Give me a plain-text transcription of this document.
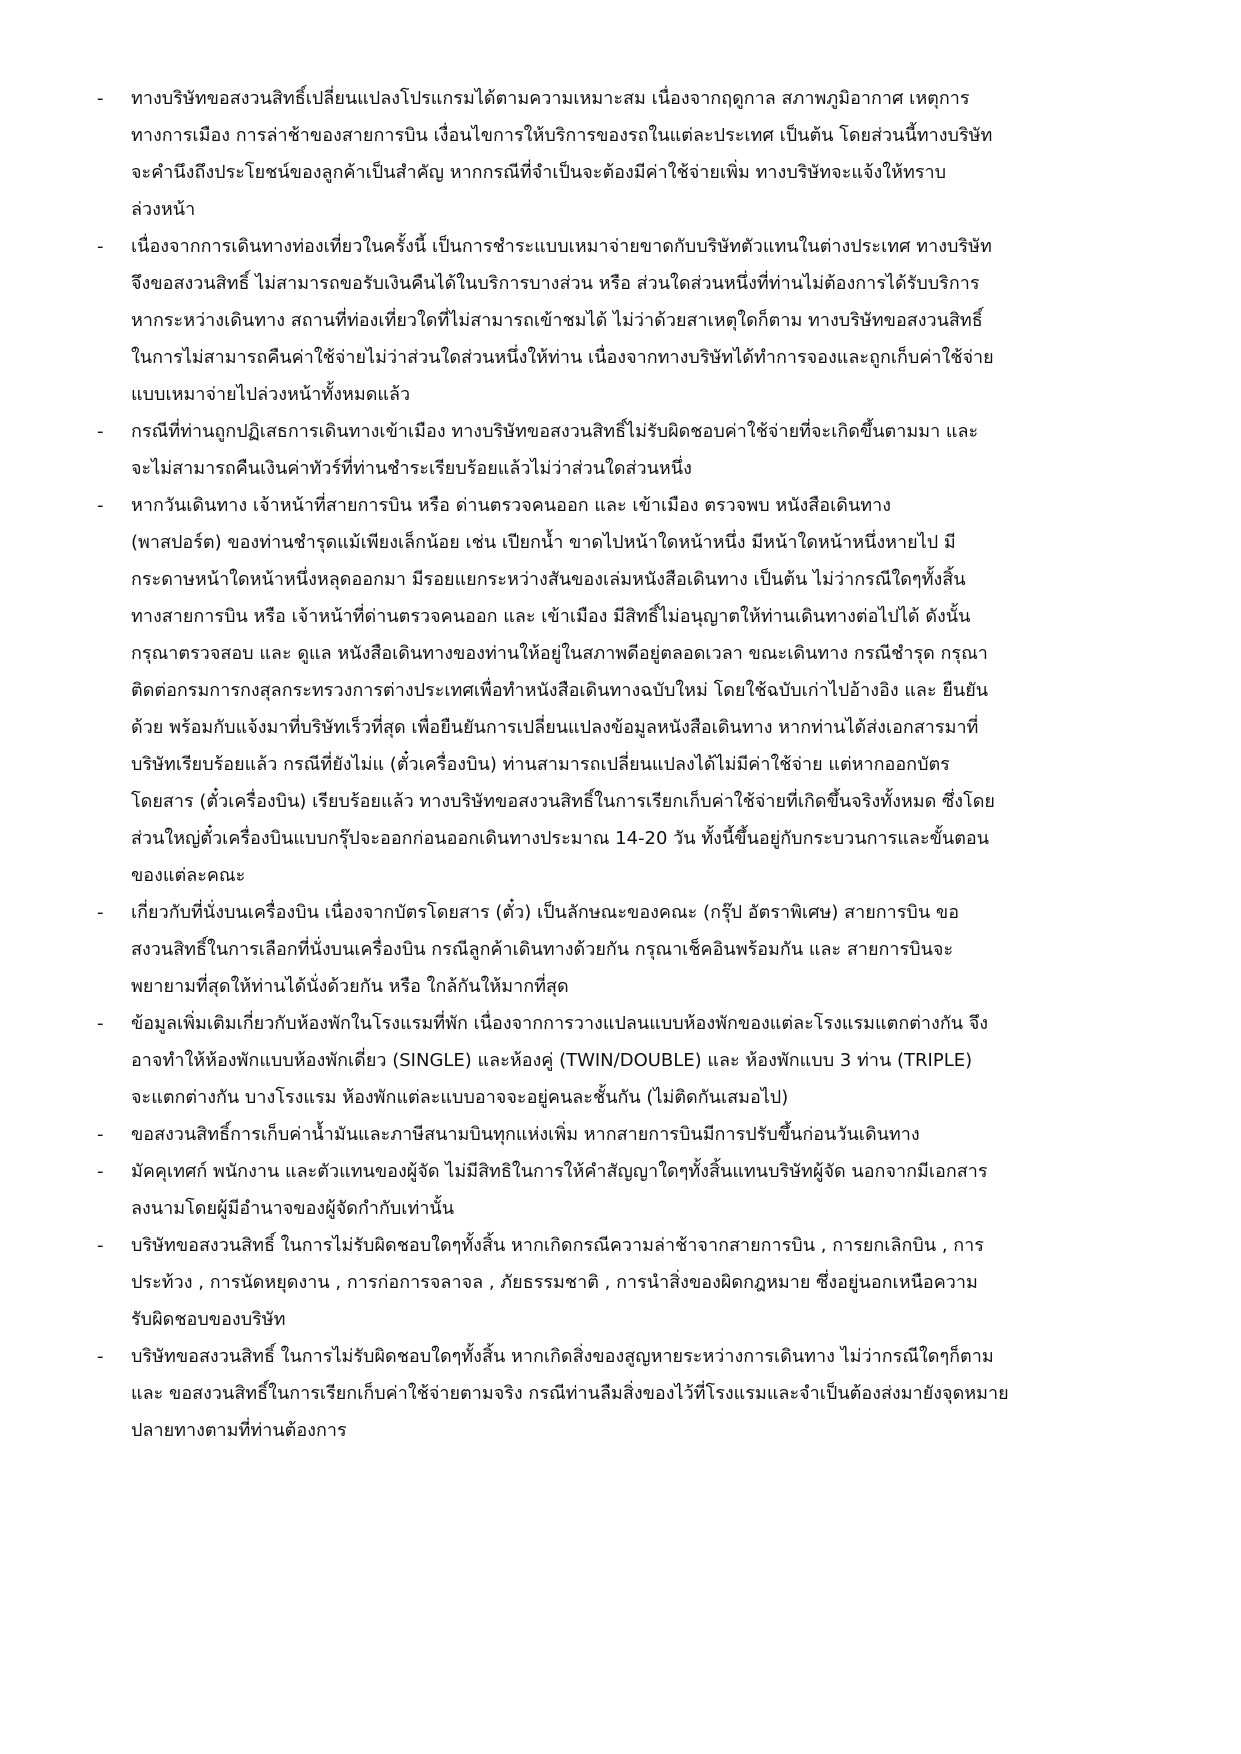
-	ทางบริษัทขอสงวนสิทธิ์เปลี่ยนแปลงโปรแกรมได้ตามความเหมาะสม เนื่องจากฤดูกาล สภาพภูมิอากาศ เหตุการ
ทางการเมือง การล่าช้าของสายการบิน เงื่อนไขการให้บริการของรถในแต่ละประเทศ เป็นต้น โดยส่วนนี้ทางบริษัท
จะคำนึงถึงประโยชน์ของลูกค้าเป็นสำคัญ หากกรณีที่จำเป็นจะต้องมีค่าใช้จ่ายเพิ่ม ทางบริษัทจะแจ้งให้ทราบ
ล่วงหน้า
-	เนื่องจากการเดินทางท่องเที่ยวในครั้งนี้ เป็นการชำระแบบเหมาจ่ายขาดกับบริษัทตัวแทนในต่างประเทศ ทางบริษัท
จึงขอสงวนสิทธิ์ ไม่สามารถขอรับเงินคืนได้ในบริการบางส่วน หรือ ส่วนใดส่วนหนึ่งที่ท่านไม่ต้องการได้รับบริการ
หากระหว่างเดินทาง สถานที่ท่องเที่ยวใดที่ไม่สามารถเข้าชมได้ ไม่ว่าด้วยสาเหตุใดก็ตาม ทางบริษัทขอสงวนสิทธิ์
ในการไม่สามารถคืนค่าใช้จ่ายไม่ว่าส่วนใดส่วนหนึ่งให้ท่าน เนื่องจากทางบริษัทได้ทำการจองและถูกเก็บค่าใช้จ่าย
แบบเหมาจ่ายไปล่วงหน้าทั้งหมดแล้ว
-	กรณีที่ท่านถูกปฏิเสธการเดินทางเข้าเมือง ทางบริษัทขอสงวนสิทธิ์ไม่รับผิดชอบค่าใช้จ่ายที่จะเกิดขึ้นตามมา และ
จะไม่สามารถคืนเงินค่าทัวร์ที่ท่านชำระเรียบร้อยแล้วไม่ว่าส่วนใดส่วนหนึ่ง
-	หากวันเดินทาง เจ้าหน้าที่สายการบิน หรือ ด่านตรวจคนออก และ เข้าเมือง ตรวจพบ หนังสือเดินทาง
(พาสปอร์ต) ของท่านชำรุดแม้เพียงเล็กน้อย เช่น เปียกน้ำ ขาดไปหน้าใดหน้าหนึ่ง มีหน้าใดหน้าหนึ่งหายไป มี
กระดาษหน้าใดหน้าหนึ่งหลุดออกมา มีรอยแยกระหว่างสันของเล่มหนังสือเดินทาง เป็นต้น ไม่ว่ากรณีใดๆทั้งสิ้น
ทางสายการบิน หรือ เจ้าหน้าที่ด่านตรวจคนออก และ เข้าเมือง มีสิทธิ์ไม่อนุญาตให้ท่านเดินทางต่อไปได้ ดังนั้น
กรุณาตรวจสอบ และ ดูแล หนังสือเดินทางของท่านให้อยู่ในสภาพดีอยู่ตลอดเวลา ขณะเดินทาง กรณีชำรุด กรุณา
ติดต่อกรมการกงสุลกระทรวงการต่างประเทศเพื่อทำหนังสือเดินทางฉบับใหม่ โดยใช้ฉบับเก่าไปอ้างอิง และ ยืนยัน
ด้วย พร้อมกับแจ้งมาที่บริษัทเร็วที่สุด เพื่อยืนยันการเปลี่ยนแปลงข้อมูลหนังสือเดินทาง หากท่านได้ส่งเอกสารมาที่
บริษัทเรียบร้อยแล้ว กรณีที่ยังไม่แ (ตั๋วเครื่องบิน) ท่านสามารถเปลี่ยนแปลงได้ไม่มีค่าใช้จ่าย แต่หากออกบัตร
โดยสาร (ตั๋วเครื่องบิน) เรียบร้อยแล้ว ทางบริษัทขอสงวนสิทธิ์ในการเรียกเก็บค่าใช้จ่ายที่เกิดขึ้นจริงทั้งหมด ซึ่งโดย
ส่วนใหญ่ตั๋วเครื่องบินแบบกรุ๊ปจะออกก่อนออกเดินทางประมาณ 14-20 วัน ทั้งนี้ขึ้นอยู่กับกระบวนการและขั้นตอน
ของแต่ละคณะ
-	เกี่ยวกับที่นั่งบนเครื่องบิน เนื่องจากบัตรโดยสาร (ตั๋ว) เป็นลักษณะของคณะ (กรุ๊ป อัตราพิเศษ) สายการบิน ขอ
สงวนสิทธิ์ในการเลือกที่นั่งบนเครื่องบิน กรณีลูกค้าเดินทางด้วยกัน กรุณาเช็คอินพร้อมกัน และ สายการบินจะ
พยายามที่สุดให้ท่านได้นั่งด้วยกัน หรือ ใกล้กันให้มากที่สุด
-	ข้อมูลเพิ่มเติมเกี่ยวกับห้องพักในโรงแรมที่พัก เนื่องจากการวางแปลนแบบห้องพักของแต่ละโรงแรมแตกต่างกัน จึง
อาจทำให้ห้องพักแบบห้องพักเดี่ยว (SINGLE) และห้องคู่ (TWIN/DOUBLE) และ ห้องพักแบบ 3 ท่าน (TRIPLE)
จะแตกต่างกัน บางโรงแรม ห้องพักแต่ละแบบอาจจะอยู่คนละชั้นกัน (ไม่ติดกันเสมอไป)
-	ขอสงวนสิทธิ์การเก็บค่าน้ำมันและภาษีสนามบินทุกแห่งเพิ่ม หากสายการบินมีการปรับขึ้นก่อนวันเดินทาง
-	มัคคุเทศก์ พนักงาน และตัวแทนของผู้จัด ไม่มีสิทธิในการให้คำสัญญาใดๆทั้งสิ้นแทนบริษัทผู้จัด นอกจากมีเอกสาร
ลงนามโดยผู้มีอำนาจของผู้จัดกำกับเท่านั้น
-	บริษัทขอสงวนสิทธิ์ ในการไม่รับผิดชอบใดๆทั้งสิ้น หากเกิดกรณีความล่าช้าจากสายการบิน , การยกเลิกบิน , การ
ประท้วง , การนัดหยุดงาน , การก่อการจลาจล , ภัยธรรมชาติ , การนำสิ่งของผิดกฎหมาย ซึ่งอยู่นอกเหนือความ
รับผิดชอบของบริษัท
-	บริษัทขอสงวนสิทธิ์ ในการไม่รับผิดชอบใดๆทั้งสิ้น หากเกิดสิ่งของสูญหายระหว่างการเดินทาง ไม่ว่ากรณีใดๆก็ตาม
และ ขอสงวนสิทธิ์ในการเรียกเก็บค่าใช้จ่ายตามจริง กรณีท่านลืมสิ่งของไว้ที่โรงแรมและจำเป็นต้องส่งมายังจุดหมาย
ปลายทางตามที่ท่านต้องการ
